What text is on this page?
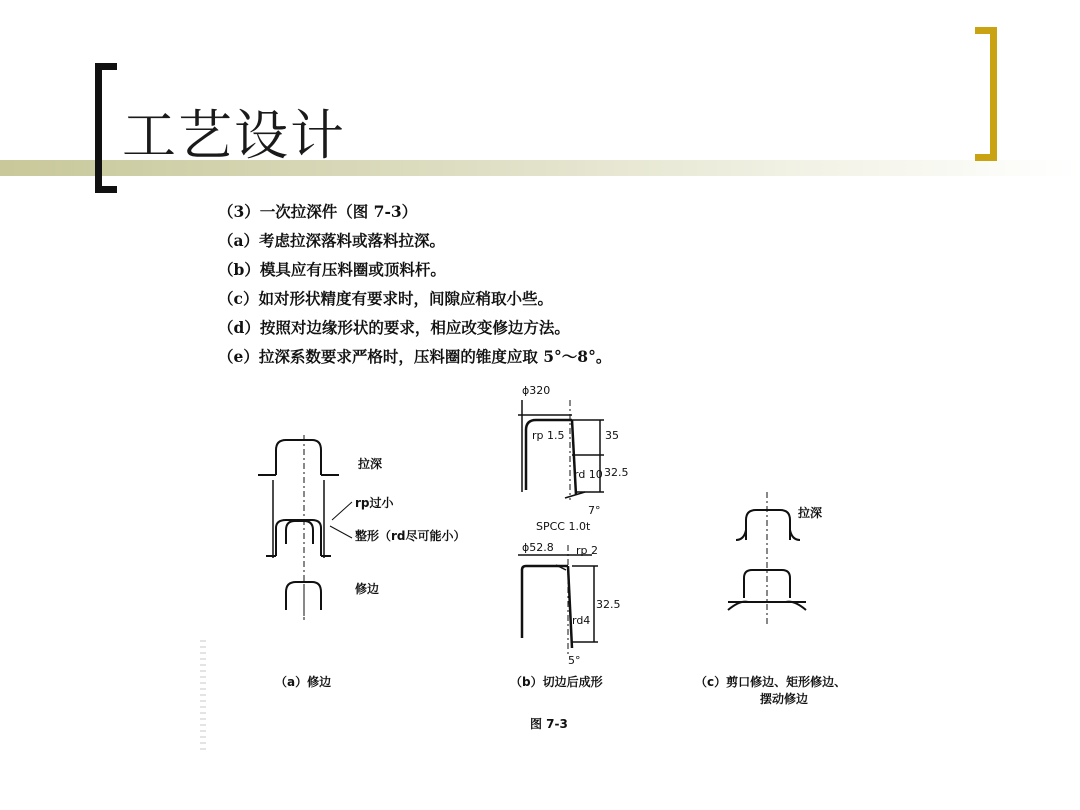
工艺设计
（3）一次拉深件（图 7-3）
（a）考虑拉深落料或落料拉深。
（b）模具应有压料圈或顶料杆。
（c）如对形状精度有要求时，间隙应稍取小些。
（d）按照对边缘形状的要求，相应改变修边方法。
（e）拉深系数要求严格时，压料圈的锥度应取 5°～8°。
拉深
rp过小
整形（rd尽可能小）
修边
（a）修边
ϕ320
rp 1.5	35
32.5
rd 10
7°
SPCC 1.0t
ϕ52.8 rp 2
32.5
rd4
5°
（b）切边后成形
拉深
（c）剪口修边、矩形修边、
摆动修边
图 7-3
